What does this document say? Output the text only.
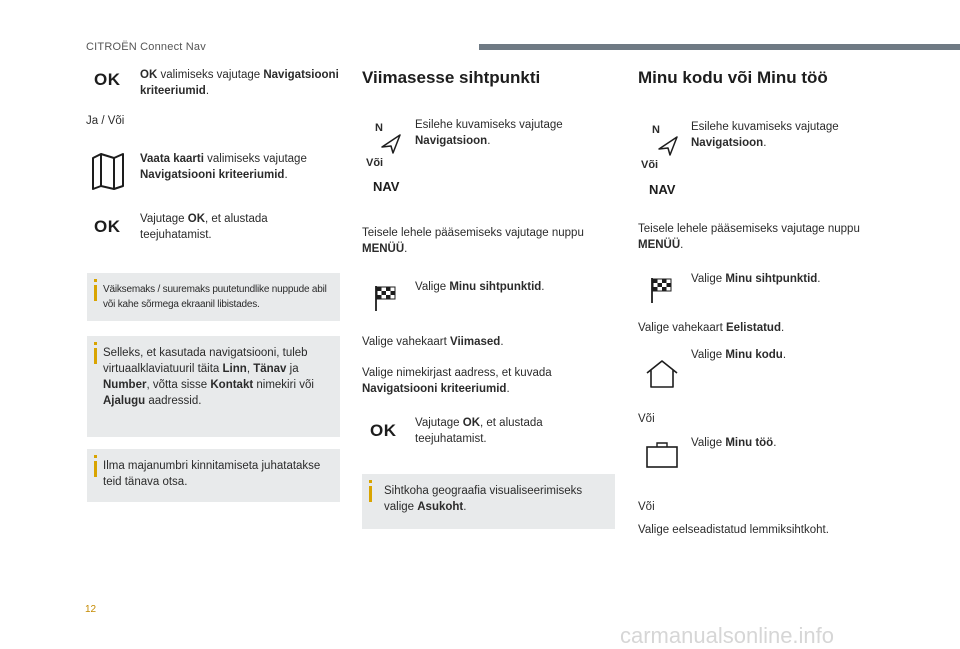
CITROËN Connect Nav
OK OK valimiseks vajutage Navigatsiooni kriteeriumid.
Ja / Või
Vaata kaarti valimiseks vajutage Navigatsiooni kriteeriumid.
OK Vajutage OK, et alustada teejuhatamist.
Väiksemaks / suuremaks puutetundlike nuppude abil või kahe sõrmega ekraanil libistades.
Selleks, et kasutada navigatsiooni, tuleb virtuaalklaviatuuril täita Linn, Tänav ja Number, võtta sisse Kontakt nimekiri või Ajalugu aadressid.
Ilma majanumbri kinnitamiseta juhatatakse teid tänava otsa.
Viimasesse sihtpunkti
N
Või
NAV
Esilehe kuvamiseks vajutage Navigatsioon.
Teisele lehele pääsemiseks vajutage nuppu MENÜÜ.
Valige Minu sihtpunktid.
Valige vahekaart Viimased.
Valige nimekirjast aadress, et kuvada Navigatsiooni kriteeriumid.
OK Vajutage OK, et alustada teejuhatamist.
Sihtkoha geograafia visualiseerimiseks valige Asukoht.
Minu kodu või Minu töö
N
Või
NAV
Esilehe kuvamiseks vajutage Navigatsioon.
Teisele lehele pääsemiseks vajutage nuppu MENÜÜ.
Valige Minu sihtpunktid.
Valige vahekaart Eelistatud.
Valige Minu kodu.
Või
Valige Minu töö.
Või
Valige eelseadistatud lemmiksihtkoht.
12
carmanualsonline.info
